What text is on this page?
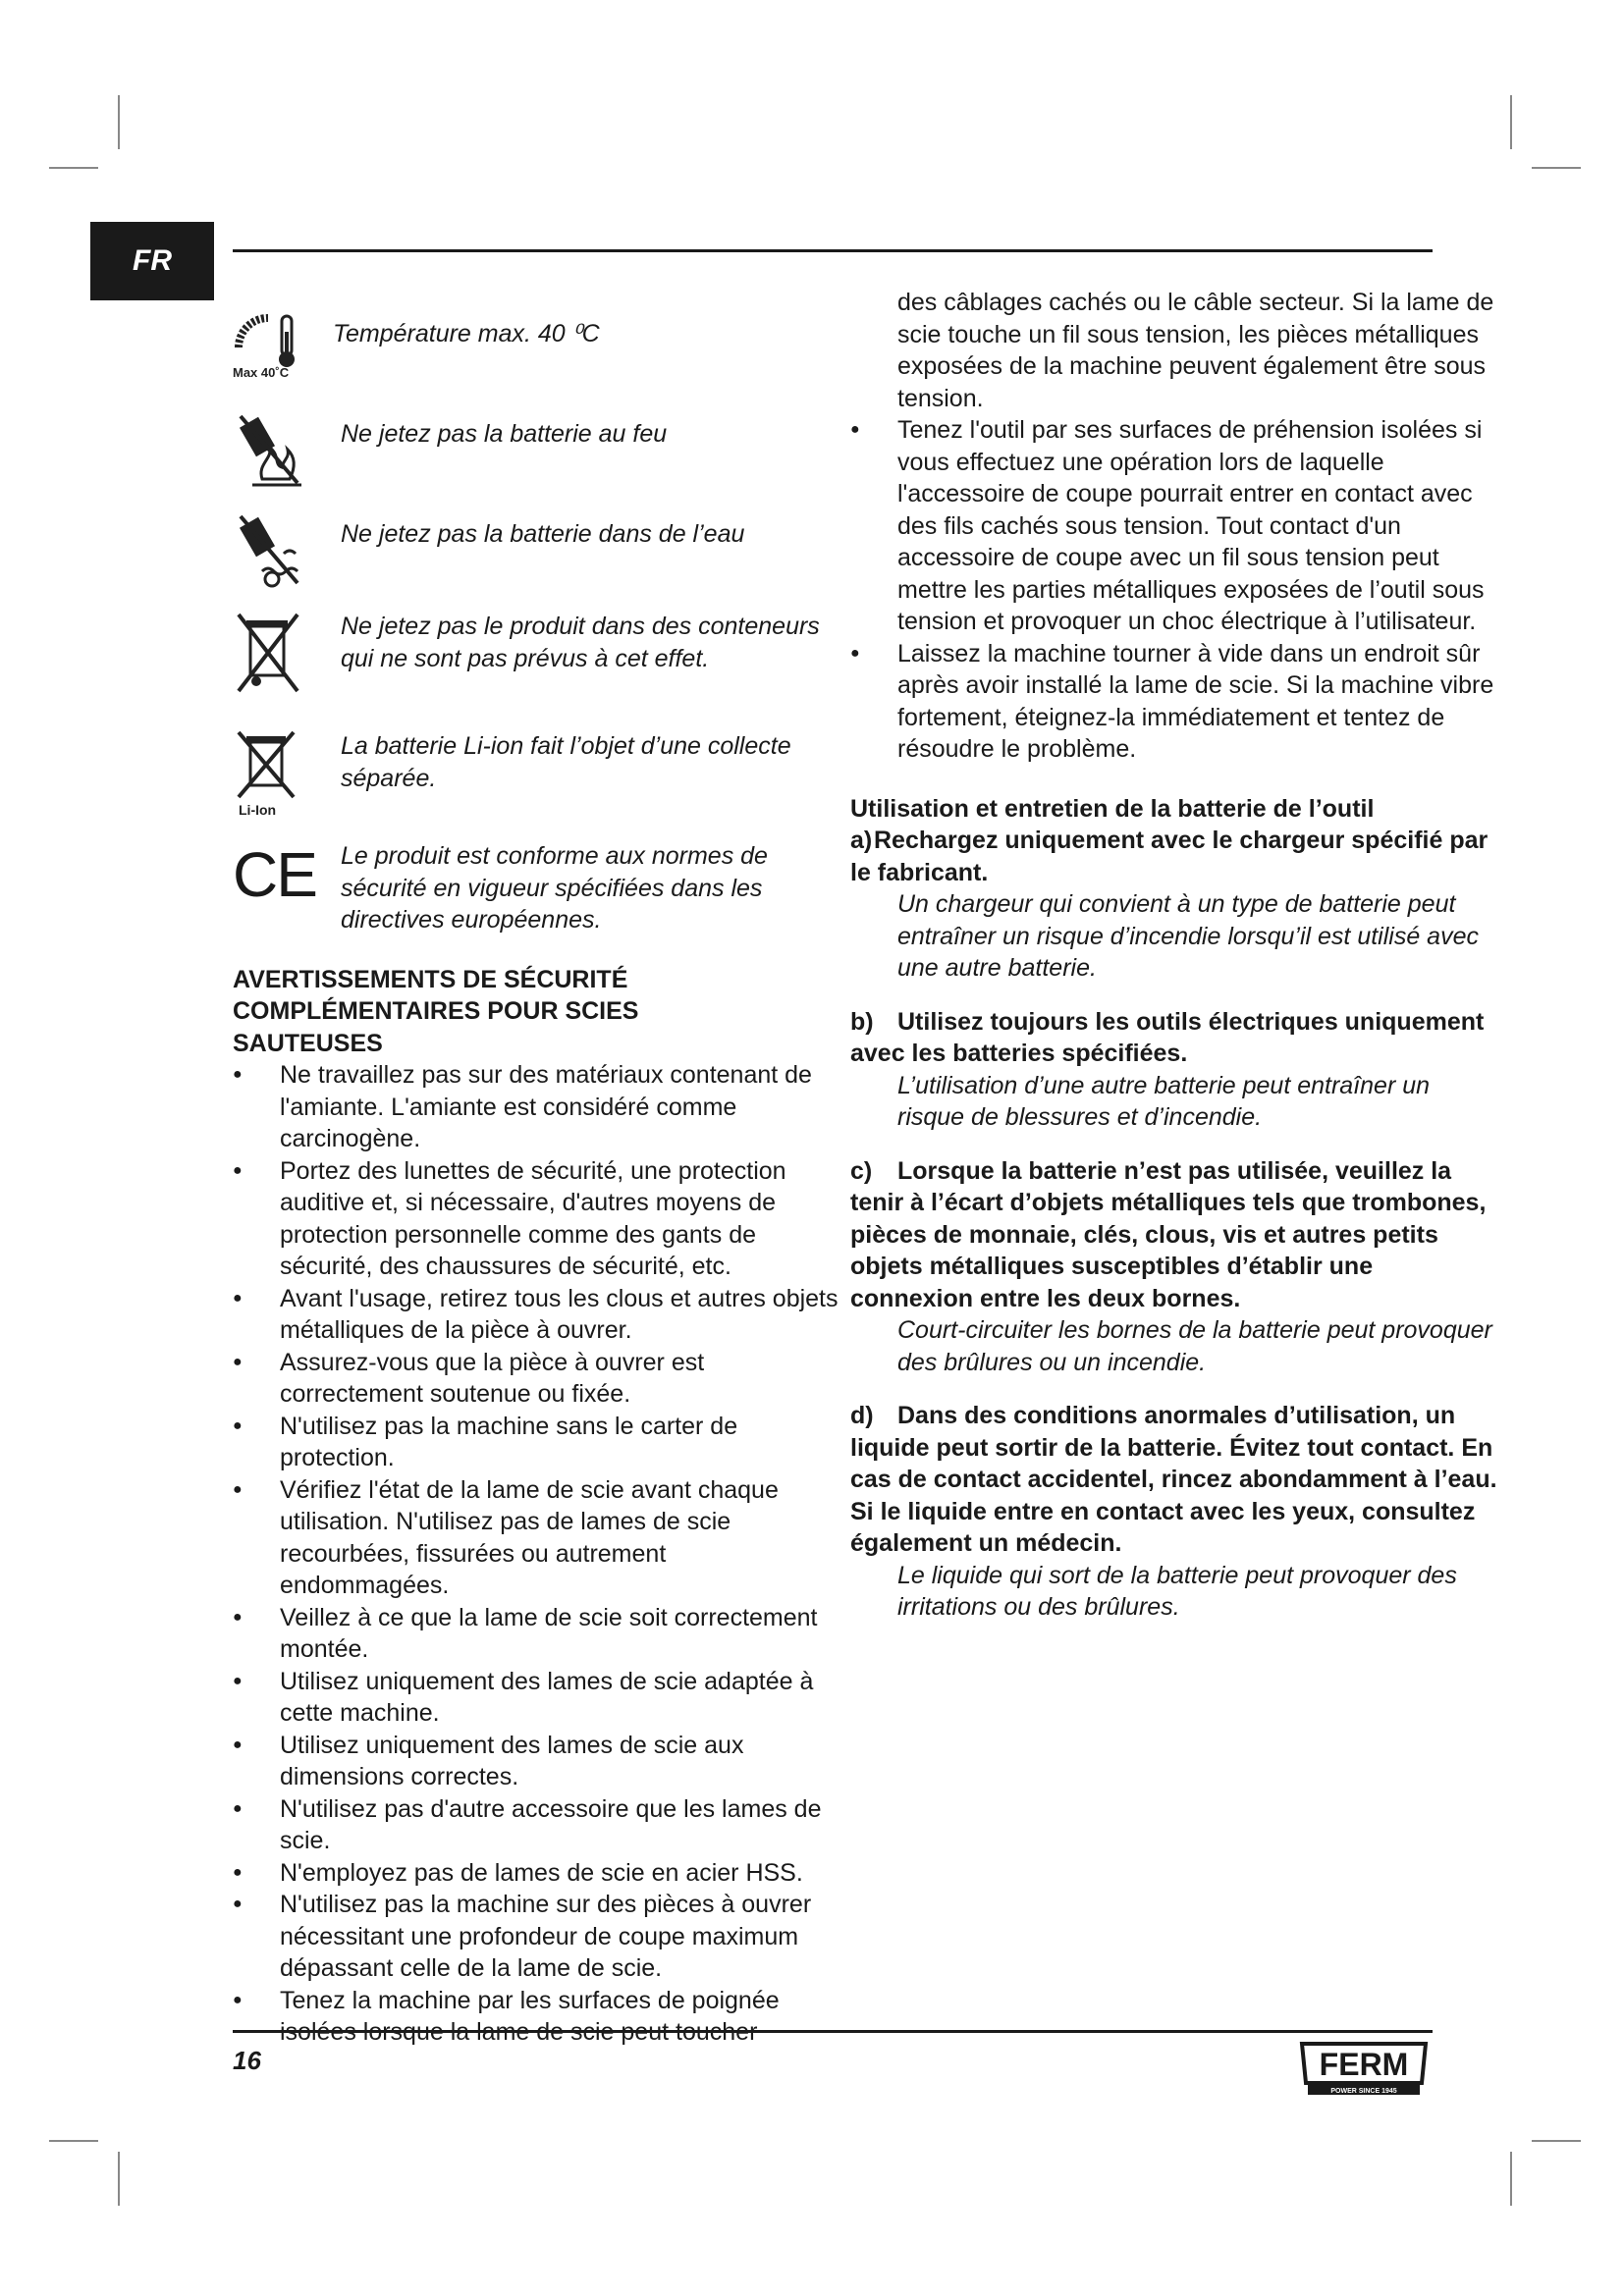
FR
Max 40˚C
Température max. 40 ⁰C
Ne jetez pas la batterie au feu
Ne jetez pas la batterie dans de l’eau
Ne jetez pas le produit dans des conteneurs qui ne sont pas prévus à cet effet.
Li-Ion
La batterie Li-ion fait l’objet d’une collecte séparée.
CE	Le produit est conforme aux normes de sécurité en vigueur spécifiées dans les directives européennes.
AVERTISSEMENTS DE SÉCURITÉ COMPLÉMENTAIRES POUR SCIES SAUTEUSES
● Ne travaillez pas sur des matériaux contenant de l'amiante. L'amiante est considéré comme carcinogène.
● Portez des lunettes de sécurité, une protection auditive et, si nécessaire, d'autres moyens de protection personnelle comme des gants de sécurité, des chaussures de sécurité, etc.
● Avant l'usage, retirez tous les clous et autres objets métalliques de la pièce à ouvrer.
● Assurez-vous que la pièce à ouvrer est correctement soutenue ou fixée.
● N'utilisez pas la machine sans le carter de protection.
● Vérifiez l'état de la lame de scie avant chaque utilisation. N'utilisez pas de lames de scie recourbées, fissurées ou autrement endommagées.
● Veillez à ce que la lame de scie soit correctement montée.
● Utilisez uniquement des lames de scie adaptée à cette machine.
● Utilisez uniquement des lames de scie aux dimensions correctes.
● N'utilisez pas d'autre accessoire que les lames de scie.
● N'employez pas de lames de scie en acier HSS.
● N'utilisez pas la machine sur des pièces à ouvrer nécessitant une profondeur de coupe maximum dépassant celle de la lame de scie.
● Tenez la machine par les surfaces de poignée isolées lorsque la lame de scie peut toucher
des câblages cachés ou le câble secteur. Si la lame de scie touche un fil sous tension, les pièces métalliques exposées de la machine peuvent également être sous tension.
● Tenez l'outil par ses surfaces de préhension isolées si vous effectuez une opération lors de laquelle l'accessoire de coupe pourrait entrer en contact avec des fils cachés sous tension. Tout contact d'un accessoire de coupe avec un fil sous tension peut mettre les parties métalliques exposées de l’outil sous tension et provoquer un choc électrique à l’utilisateur.
● Laissez la machine tourner à vide dans un endroit sûr après avoir installé la lame de scie. Si la machine vibre fortement, éteignez-la immédiatement et tentez de résoudre le problème.
Utilisation et entretien de la batterie de l’outil
a)Rechargez uniquement avec le chargeur spécifié par le fabricant.
Un chargeur qui convient à un type de batterie peut entraîner un risque d’incendie lorsqu’il est utilisé avec une autre batterie.
b) Utilisez toujours les outils électriques uniquement avec les batteries spécifiées.
L’utilisation d’une autre batterie peut entraîner un risque de blessures et d’incendie.
c) Lorsque la batterie n’est pas utilisée, veuillez la tenir à l’écart d’objets métalliques tels que trombones, pièces de monnaie, clés, clous, vis et autres petits objets métalliques susceptibles d’établir une connexion entre les deux bornes.
Court-circuiter les bornes de la batterie peut provoquer des brûlures ou un incendie.
d) Dans des conditions anormales d’utilisation, un liquide peut sortir de la batterie. Évitez tout contact. En cas de contact accidentel, rincez abondamment à l’eau. Si le liquide entre en contact avec les yeux, consultez également un médecin.
Le liquide qui sort de la batterie peut provoquer des irritations ou des brûlures.
16	FERM
POWER SINCE 1945
